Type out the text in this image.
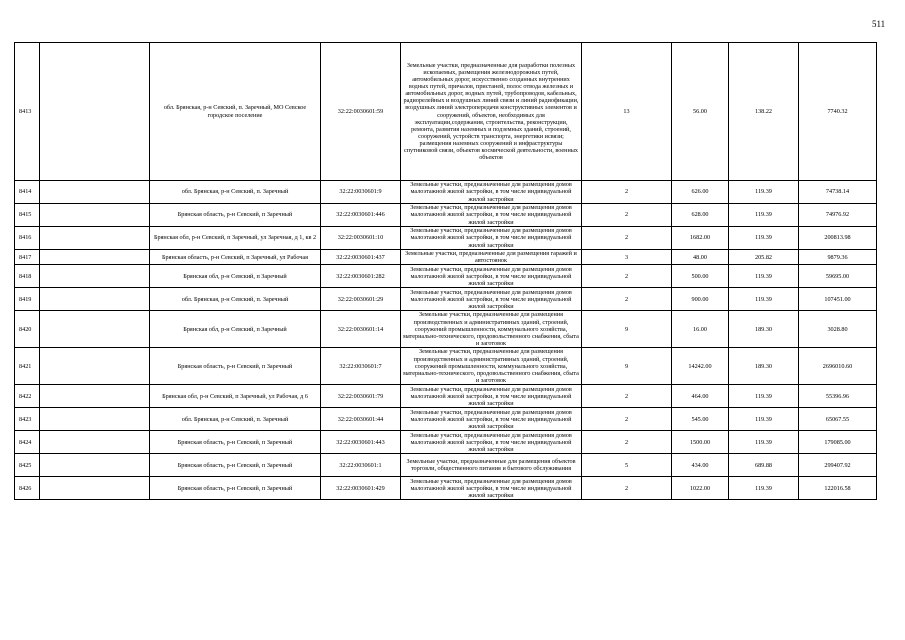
511
8413		обл. Брянская, р-н Севский, п. Заречный, МО Севское городское поселение	32:22:0030601:59	Земельные участки, предназначенные для разработки полезных ископаемых, размещения железнодорожных путей, автомобильных дорог, искусственно созданных внутренних водных путей, причалов, пристаней, полос отвода железных и автомобильных дорог, водных путей, трубопроводов, кабельных, радиорелейных и воздушных линий связи и линий радиофикации, воздушных линий электропередачи конструктивных элементов и сооружений, объектов, необходимых для эксплуатации,содержания, строительства, реконструкции, ремонта, развития наземных и подземных зданий, строений, сооружений, устройств транспорта, энергетики исвязи; размещения наземных сооружений и инфраструктуры спутниковой связи, объектов космической деятельности, военных объектов	13	56.00	138.22	7740.32
8414		обл. Брянская, р-н Севский, п. Заречный	32:22:0030601:9	Земельные участки, предназначенные для размещения домов малоэтажной жилой застройки, в том числе индивидуальной жилой застройки	2	626.00	119.39	74738.14
8415		Брянская область, р-н Севский, п Заречный	32:22:0030601:446	Земельные участки, предназначенные для размещения домов малоэтажной жилой застройки, в том числе индивидуальной жилой застройки	2	628.00	119.39	74976.92
8416		Брянская обл, р-н Севский, п Заречный, ул Заречная, д 1, кв 2	32:22:0030601:10	Земельные участки, предназначенные для размещения домов малоэтажной жилой застройки, в том числе индивидуальной жилой застройки	2	1682.00	119.39	200813.98
8417		Брянская область, р-н Севский, п Заречный, ул Рабочая	32:22:0030601:437	Земельные участки, предназначенные для размещения гаражей и автостоянок	3	48.00	205.82	9879.36
8418		Брянская обл, р-н Севский, п Заречный	32:22:0030601:282	Земельные участки, предназначенные для размещения домов малоэтажной жилой застройки, в том числе индивидуальной жилой застройки	2	500.00	119.39	59695.00
8419		обл. Брянская, р-н Севский, п. Заречный	32:22:0030601:29	Земельные участки, предназначенные для размещения домов малоэтажной жилой застройки, в том числе индивидуальной жилой застройки	2	900.00	119.39	107451.00
8420		Брянская обл, р-н Севский, п Заречный	32:22:0030601:14	Земельные участки, предназначенные для размещения производственных и административных зданий, строений, сооружений промышленности, коммунального хозяйства, материально-технического, продовольственного снабжения, сбыта и заготовок	9	16.00	189.30	3028.80
8421		Брянская область, р-н Севский, п Заречный	32:22:0030601:7	Земельные участки, предназначенные для размещения производственных и административных зданий, строений, сооружений промышленности, коммунального хозяйства, материально-технического, продовольственного снабжения, сбыта и заготовок	9	14242.00	189.30	2696010.60
8422		Брянская обл, р-н Севский, п Заречный, ул Рабочая, д 6	32:22:0030601:79	Земельные участки, предназначенные для размещения домов малоэтажной жилой застройки, в том числе индивидуальной жилой застройки	2	464.00	119.39	55396.96
8423		обл. Брянская, р-н Севский, п. Заречный	32:22:0030601:44	Земельные участки, предназначенные для размещения домов малоэтажной жилой застройки, в том числе индивидуальной жилой застройки	2	545.00	119.39	65067.55
8424		Брянская область, р-н Севский, п Заречный	32:22:0030601:443	Земельные участки, предназначенные для размещения домов малоэтажной жилой застройки, в том числе индивидуальной жилой застройки	2	1500.00	119.39	179085.00
8425		Брянская область, р-н Севский, п Заречный	32:22:0030601:1	Земельные участки, предназначенные для размещения объектов торговли, общественного питания и бытового обслуживания	5	434.00	689.88	299407.92
8426		Брянская область, р-н Севский, п Заречный	32:22:0030601:429	Земельные участки, предназначенные для размещения домов малоэтажной жилой застройки, в том числе индивидуальной жилой застройки	2	1022.00	119.39	122016.58
